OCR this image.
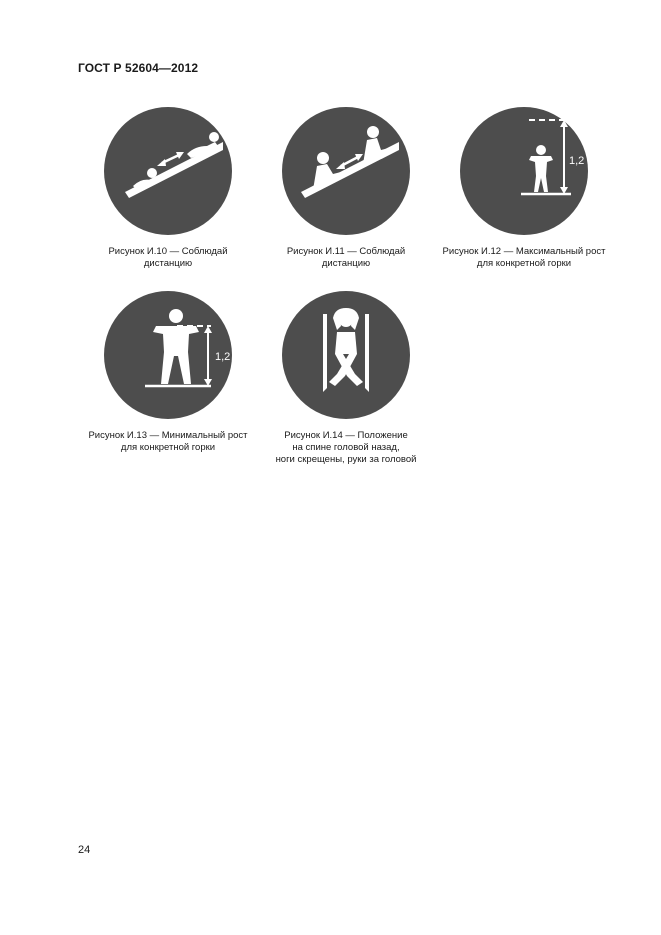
ГОСТ Р 52604—2012
Рисунок И.10 — Соблюдай
дистанцию
Рисунок И.11 — Соблюдай
дистанцию
1,2 м
Рисунок И.12 — Максимальный рост
для конкретной горки
1,2 м
Рисунок И.13 — Минимальный рост
для конкретной горки
Рисунок И.14 — Положение
на спине головой назад,
ноги скрещены, руки за головой
24
